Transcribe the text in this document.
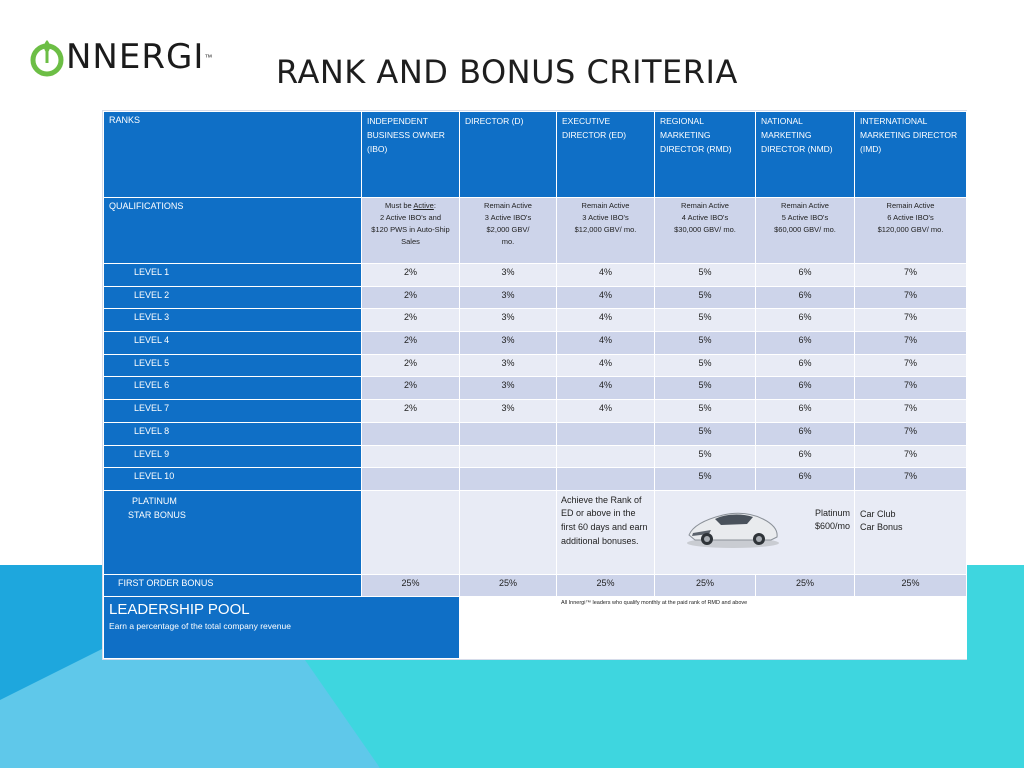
NNERGI ™ RANK AND BONUS CRITERIA
RANKS	INDEPENDENT BUSINESS OWNER (IBO)	DIRECTOR (D)	EXECUTIVE DIRECTOR (ED)	REGIONAL MARKETING DIRECTOR (RMD)	NATIONAL MARKETING DIRECTOR (NMD)	INTERNATIONAL MARKETING DIRECTOR (IMD)
QUALIFICATIONS	Must be Active:
2 Active IBO's and
$120 PWS in Auto-Ship
Sales	Remain Active
3 Active IBO's
$2,000 GBV/
mo.	Remain Active
3 Active IBO's
$12,000 GBV/ mo.	Remain Active
4 Active IBO's
$30,000 GBV/ mo.	Remain Active
5 Active IBO's
$60,000 GBV/ mo.	Remain Active
6 Active IBO's
$120,000 GBV/ mo.
LEVEL 1	2%	3%	4%	5%	6%	7%
LEVEL 2	2%	3%	4%	5%	6%	7%
LEVEL 3	2%	3%	4%	5%	6%	7%
LEVEL 4	2%	3%	4%	5%	6%	7%
LEVEL 5	2%	3%	4%	5%	6%	7%
LEVEL 6	2%	3%	4%	5%	6%	7%
LEVEL 7	2%	3%	4%	5%	6%	7%
LEVEL 8				5%	6%	7%
LEVEL 9				5%	6%	7%
LEVEL 10				5%	6%	7%
PLATINUM
STAR BONUS			Achieve the Rank of ED or above in the first 60 days and earn additional bonuses.	Platinum
$600/mo		Car Club
Car Bonus
FIRST ORDER BONUS	25%	25%	25%	25%	25%	25%

LEADERSHIP POOL
Earn a percentage of the total company revenue			All Innergi™ leaders who qualify monthly at the paid rank of RMD and above			
